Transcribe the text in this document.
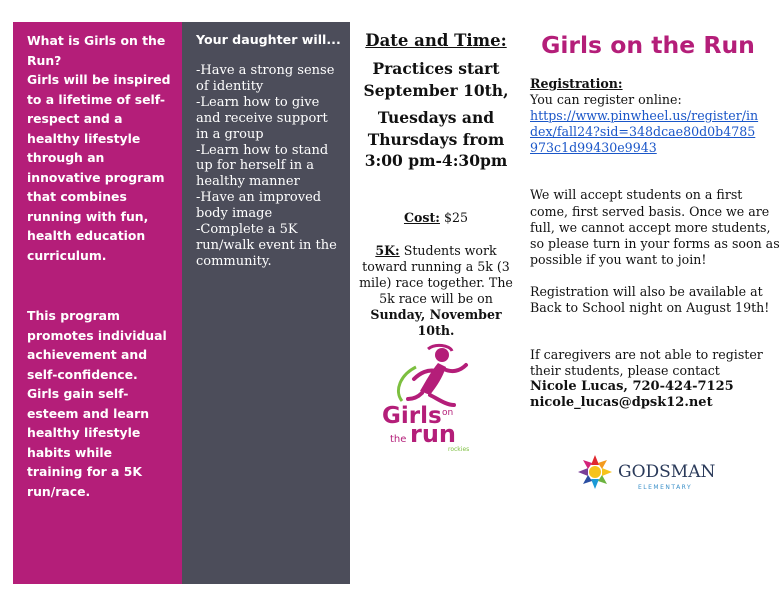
What is Girls on the Run?

Girls will be inspired to a lifetime of self-respect and a healthy lifestyle through an innovative program that combines running with fun, health education curriculum.

This program promotes individual achievement and self-confidence. Girls gain self-esteem and learn healthy lifestyle habits while training for a 5K run/race.

Your daughter will...
-Have a strong sense of identity
-Learn how to give and receive support in a group
-Learn how to stand up for herself in a healthy manner
-Have an improved body image
-Complete a 5K run/walk event in the community.
Date and Time:
Practices start September 10th,
Tuesdays and Thursdays from 3:00 pm-4:30pm
Cost: $25
5K: Students work toward running a 5k (3 mile) race together. The 5k race will be on Sunday, November 10th.
Girls on
the run
rockies
Girls on the Run

Registration:

You can register online:

https://www.pinwheel.us/register/index/fall24?sid=348dcae80d0b4785973c1d99430e9943

We will accept students on a first come, first served basis. Once we are full, we cannot accept more students, so please turn in your forms as soon as possible if you want to join!

Registration will also be available at Back to School night on August 19th!

If caregivers are not able to register their students, please contact

Nicole Lucas, 720-424-7125

nicole_lucas@dpsk12.net

GODSMAN
ELEMENTARY
